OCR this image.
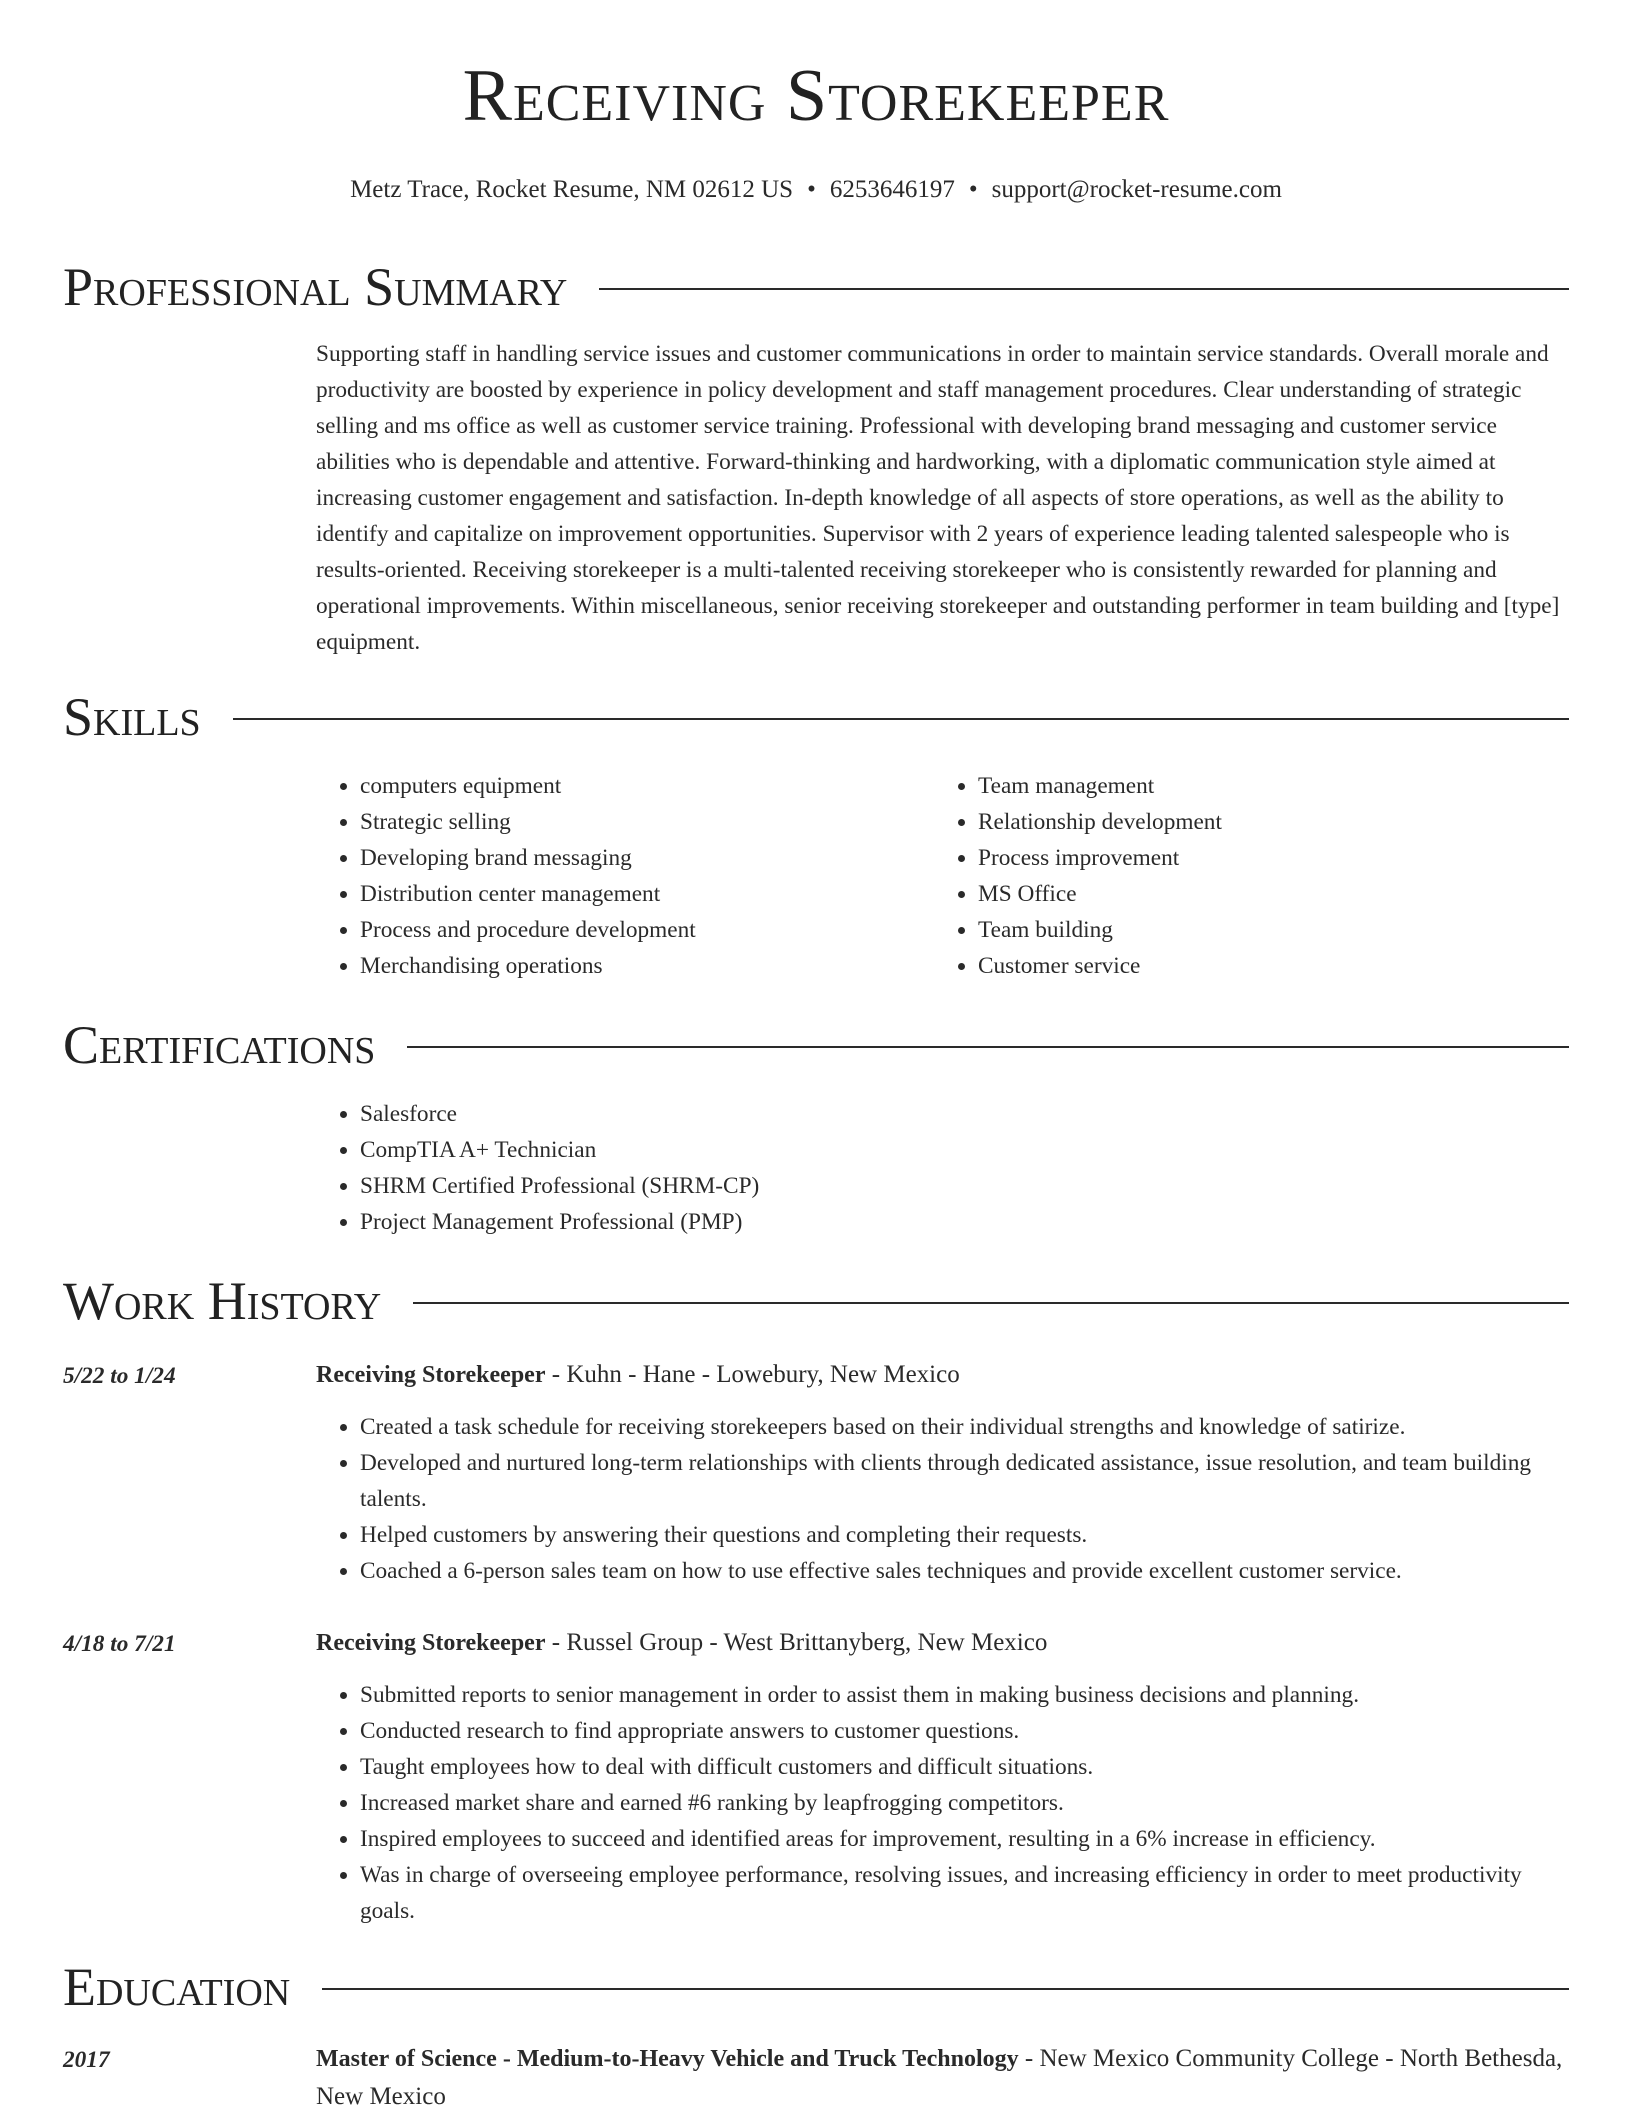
Receiving Storekeeper
Metz Trace, Rocket Resume, NM 02612 US • 6253646197 • support@rocket-resume.com
Professional Summary
Supporting staff in handling service issues and customer communications in order to maintain service standards. Overall morale and productivity are boosted by experience in policy development and staff management procedures. Clear understanding of strategic selling and ms office as well as customer service training. Professional with developing brand messaging and customer service abilities who is dependable and attentive. Forward-thinking and hardworking, with a diplomatic communication style aimed at increasing customer engagement and satisfaction. In-depth knowledge of all aspects of store operations, as well as the ability to identify and capitalize on improvement opportunities. Supervisor with 2 years of experience leading talented salespeople who is results-oriented. Receiving storekeeper is a multi-talented receiving storekeeper who is consistently rewarded for planning and operational improvements. Within miscellaneous, senior receiving storekeeper and outstanding performer in team building and [type] equipment.
Skills
• computers equipment
• Strategic selling
• Developing brand messaging
• Distribution center management
• Process and procedure development
• Merchandising operations
• Team management
• Relationship development
• Process improvement
• MS Office
• Team building
• Customer service
Certifications
• Salesforce
• CompTIA A+ Technician
• SHRM Certified Professional (SHRM-CP)
• Project Management Professional (PMP)
Work History
5/22 to 1/24	Receiving Storekeeper - Kuhn - Hane - Lowebury, New Mexico
• Created a task schedule for receiving storekeepers based on their individual strengths and knowledge of satirize.
• Developed and nurtured long-term relationships with clients through dedicated assistance, issue resolution, and team building talents.
• Helped customers by answering their questions and completing their requests.
• Coached a 6-person sales team on how to use effective sales techniques and provide excellent customer service.
4/18 to 7/21	Receiving Storekeeper - Russel Group - West Brittanyberg, New Mexico
• Submitted reports to senior management in order to assist them in making business decisions and planning.
• Conducted research to find appropriate answers to customer questions.
• Taught employees how to deal with difficult customers and difficult situations.
• Increased market share and earned #6 ranking by leapfrogging competitors.
• Inspired employees to succeed and identified areas for improvement, resulting in a 6% increase in efficiency.
• Was in charge of overseeing employee performance, resolving issues, and increasing efficiency in order to meet productivity goals.
Education
2017	Master of Science - Medium-to-Heavy Vehicle and Truck Technology - New Mexico Community College - North Bethesda, New Mexico
